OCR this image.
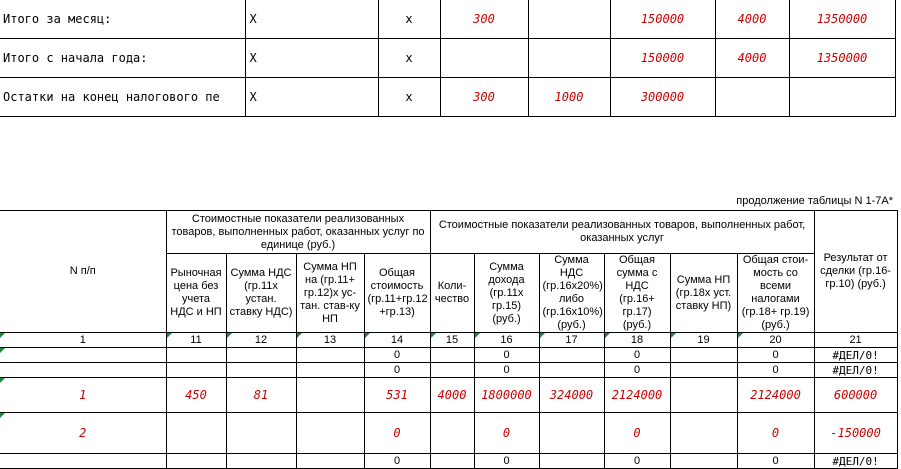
Итого за месяц:	X	x	300		150000	4000	1350000
Итого с начала года:	X	x			150000	4000	1350000
Остатки на конец налогового пе	X	x	300	1000	300000		
продолжение таблицы N 1-7А*
N п/п	Стоимостные показатели реализованных товаров, выполненных работ, оказанных услуг по единице (руб.)				Стоимостные показатели реализованных товаров, выполненных работ, оказанных услуг						Результат от сделки (гр.16-гр.10) (руб.)
	Рыночная цена без учета НДС и НП	Сумма НДС (гр.11х устан. ставку НДС)	Сумма НП на (гр.11+ гр.12)х ус-тан. став-ку НП	Общая стоимость (гр.11+гр.12 +гр.13)	Коли-чество	Сумма дохода (гр.11х гр.15) (руб.)	Сумма НДС (гр.16х20%) либо (гр.16х10%) (руб.)	Общая сумма с НДС (гр.16+ гр.17) (руб.)	Сумма НП (гр.18х уст. ставку НП)	Общая стои-мость со всеми налогами (гр.18+ гр.19) (руб.)	
1	11	12	13	14	15	16	17	18	19	20	21
				0		0		0		0	#ДЕЛ/0!
				0		0		0		0	#ДЕЛ/0!
1	450	81		531	4000	1800000	324000	2124000		2124000	600000
2				0		0		0		0	-150000
				0		0		0		0	#ДЕЛ/0!
